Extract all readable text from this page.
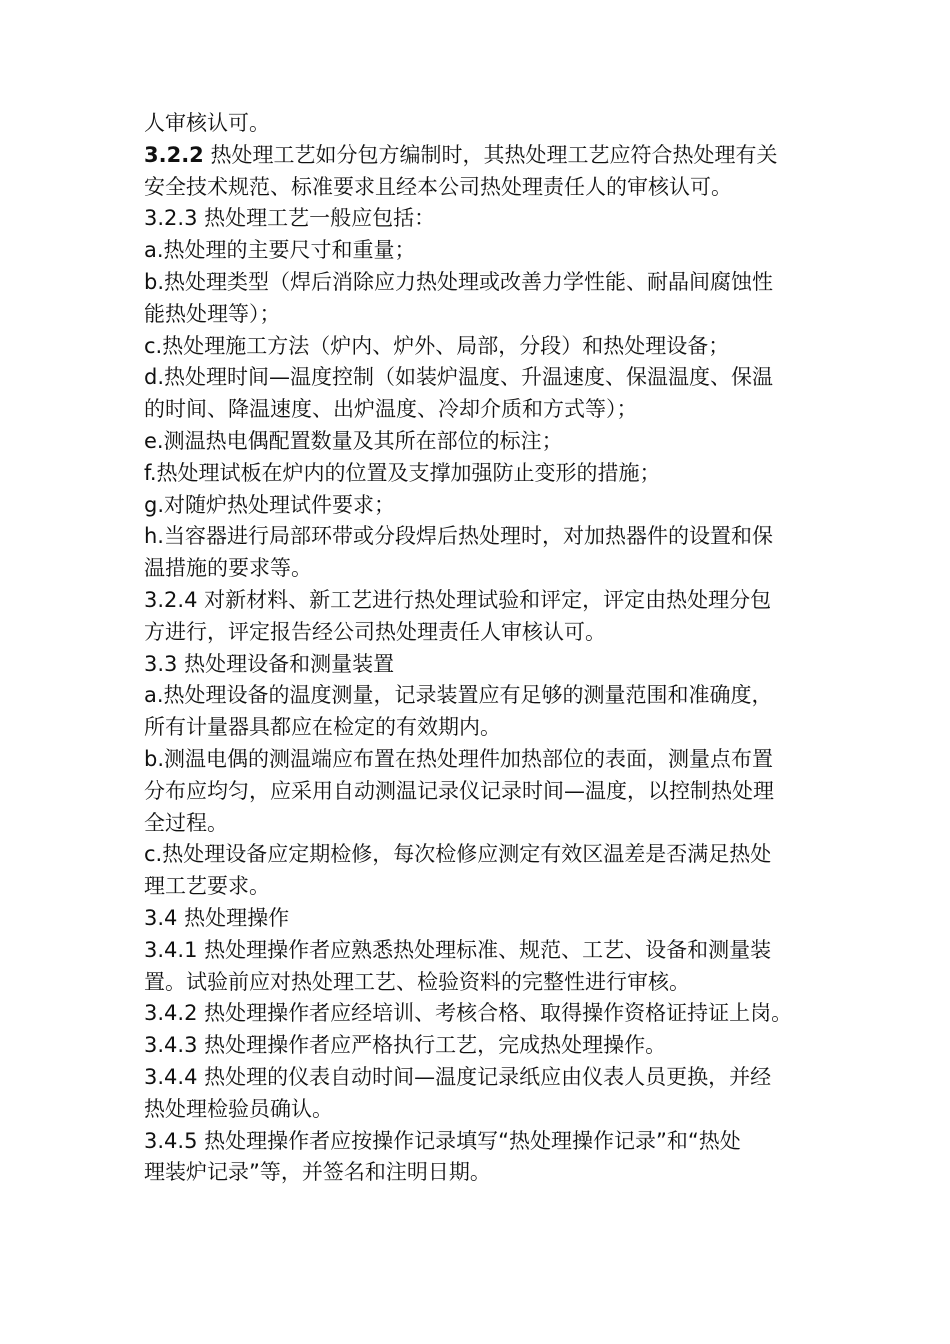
人审核认可。
3.2.2 热处理工艺如分包方编制时，其热处理工艺应符合热处理有关
安全技术规范、标准要求且经本公司热处理责任人的审核认可。
3.2.3 热处理工艺一般应包括：
a.热处理的主要尺寸和重量；
b.热处理类型（焊后消除应力热处理或改善力学性能、耐晶间腐蚀性
能热处理等）；
c.热处理施工方法（炉内、炉外、局部，分段）和热处理设备；
d.热处理时间—温度控制（如装炉温度、升温速度、保温温度、保温
的时间、降温速度、出炉温度、冷却介质和方式等）；
e.测温热电偶配置数量及其所在部位的标注；
f.热处理试板在炉内的位置及支撑加强防止变形的措施；
g.对随炉热处理试件要求；
h.当容器进行局部环带或分段焊后热处理时，对加热器件的设置和保
温措施的要求等。
3.2.4 对新材料、新工艺进行热处理试验和评定，评定由热处理分包
方进行，评定报告经公司热处理责任人审核认可。
3.3 热处理设备和测量装置
a.热处理设备的温度测量，记录装置应有足够的测量范围和准确度，
所有计量器具都应在检定的有效期内。
b.测温电偶的测温端应布置在热处理件加热部位的表面，测量点布置
分布应均匀，应采用自动测温记录仪记录时间—温度，以控制热处理
全过程。
c.热处理设备应定期检修，每次检修应测定有效区温差是否满足热处
理工艺要求。
3.4 热处理操作
3.4.1 热处理操作者应熟悉热处理标准、规范、工艺、设备和测量装
置。试验前应对热处理工艺、检验资料的完整性进行审核。
3.4.2 热处理操作者应经培训、考核合格、取得操作资格证持证上岗。
3.4.3 热处理操作者应严格执行工艺，完成热处理操作。
3.4.4 热处理的仪表自动时间—温度记录纸应由仪表人员更换，并经
热处理检验员确认。
3.4.5 热处理操作者应按操作记录填写“热处理操作记录”和“热处
理装炉记录”等，并签名和注明日期。
